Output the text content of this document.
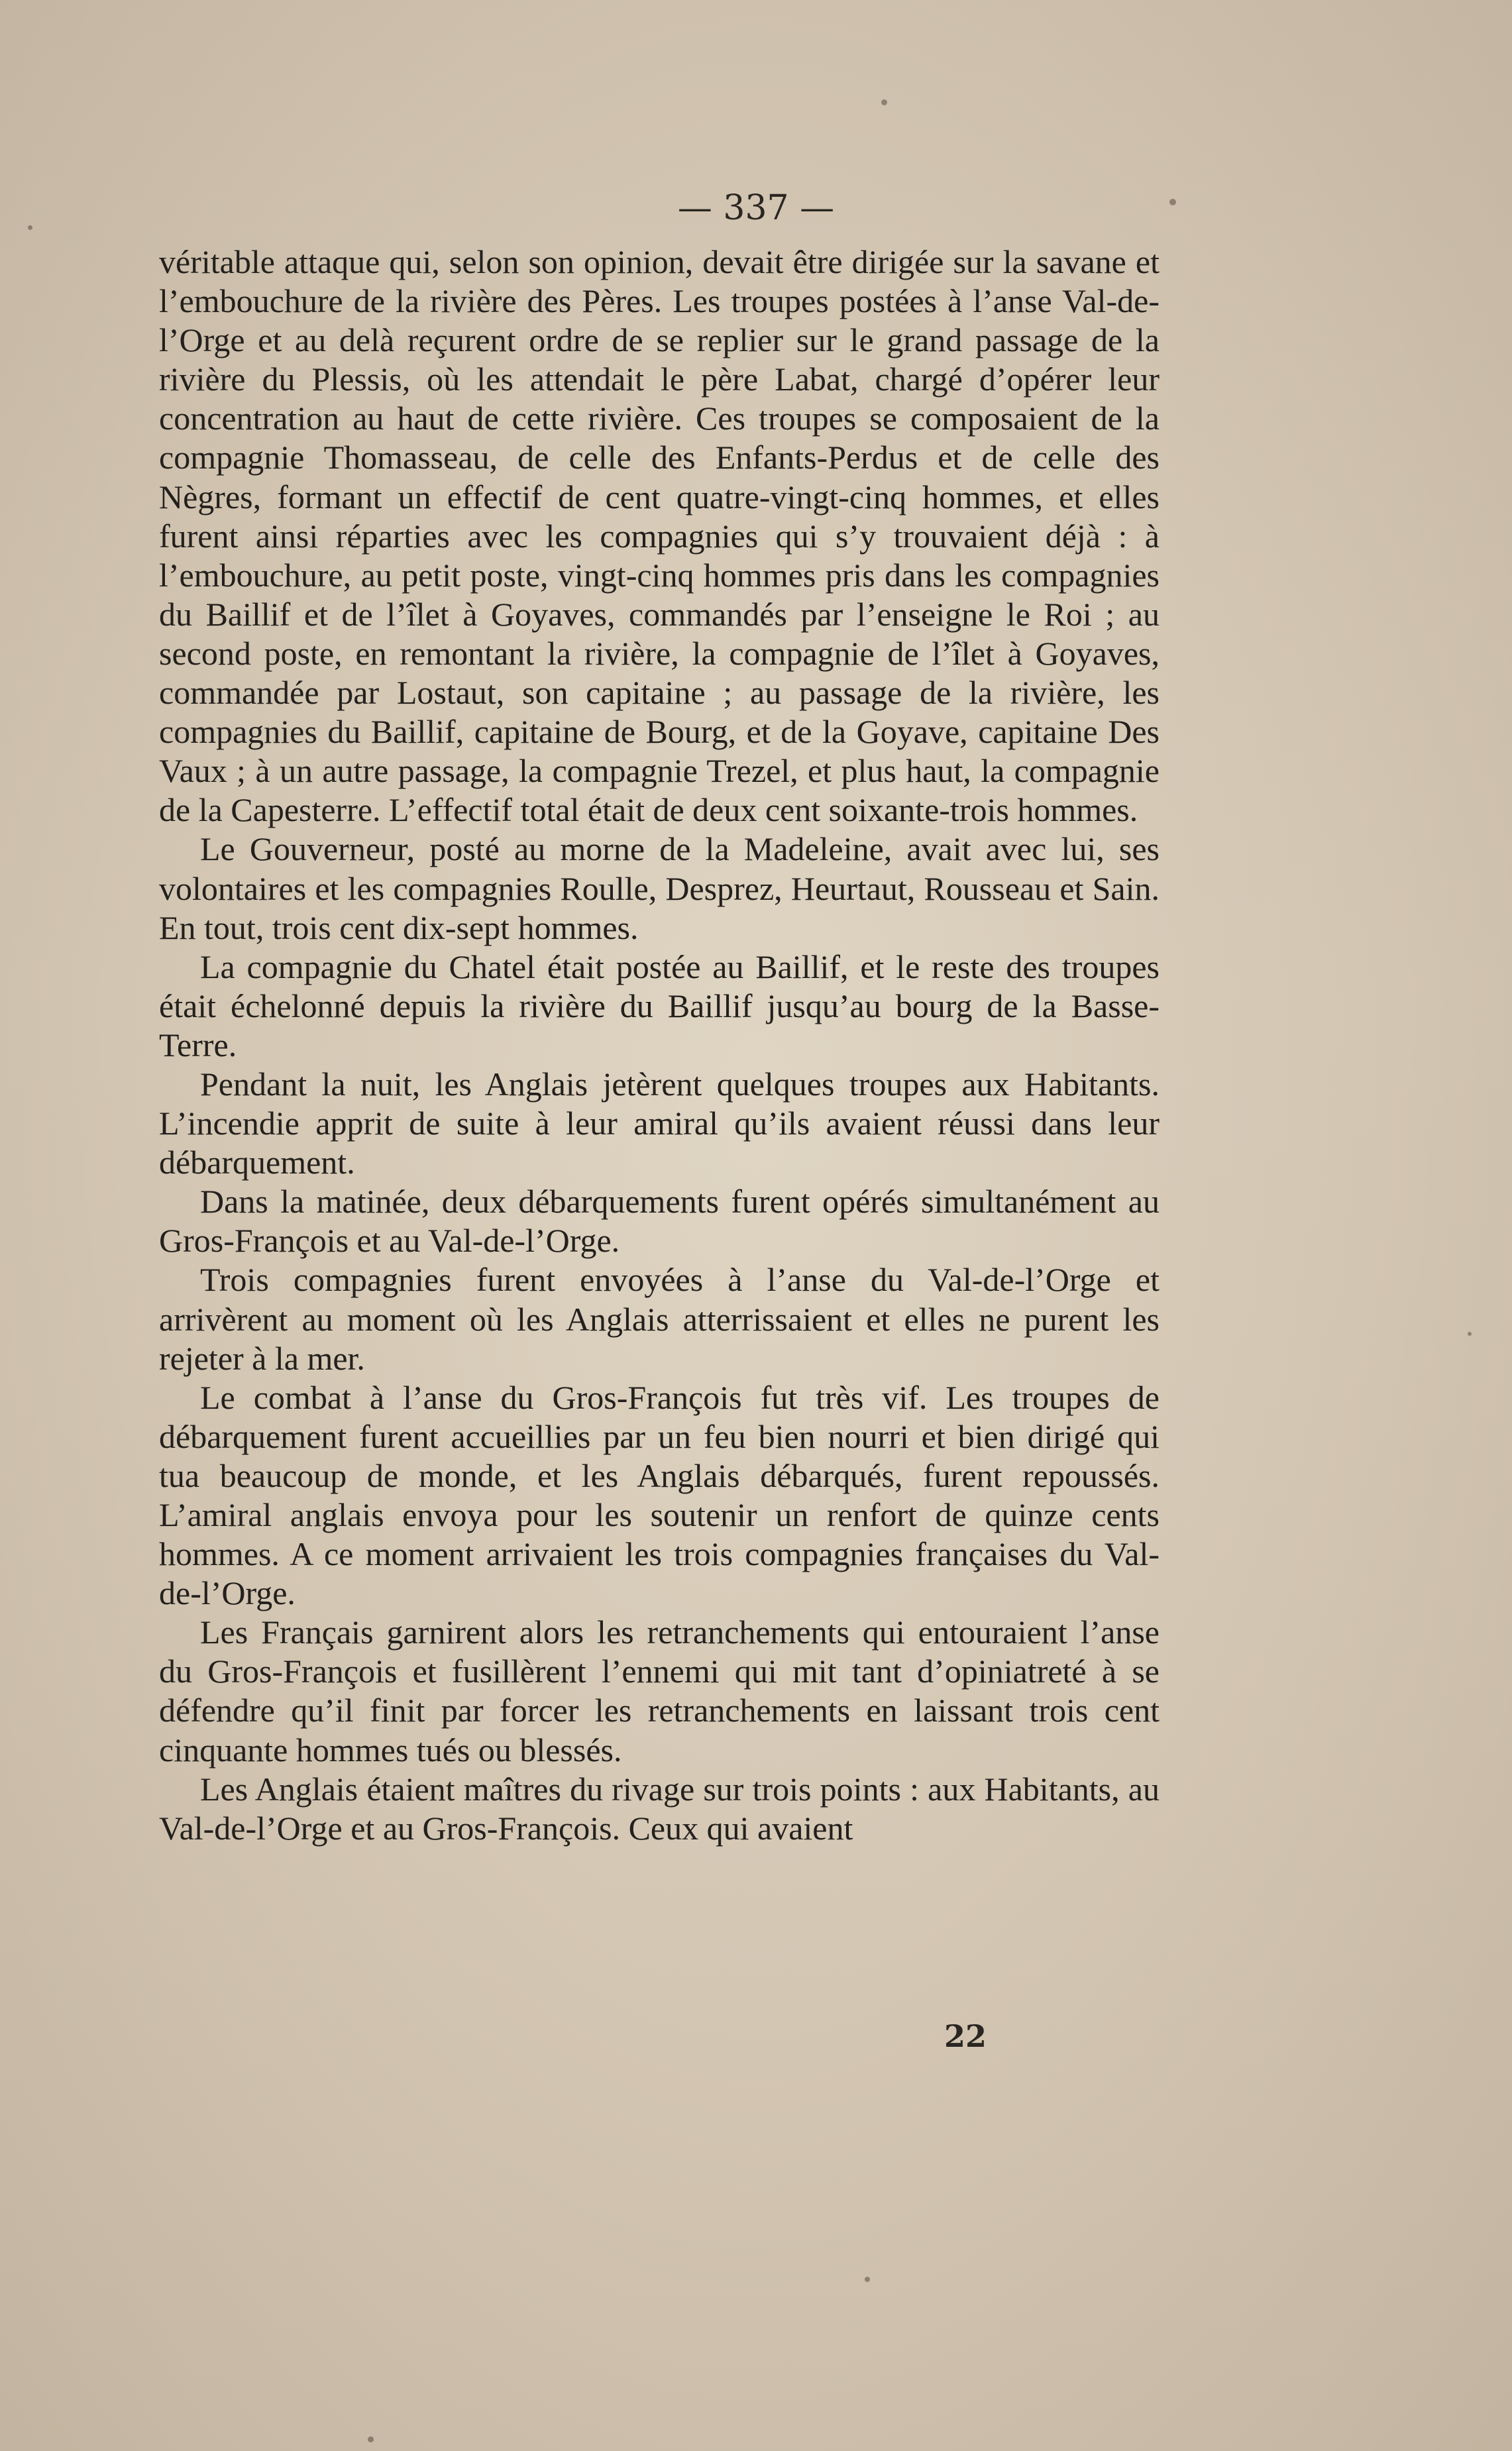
— 337 —

véritable attaque qui, selon son opinion, devait être dirigée sur la savane et l’embouchure de la rivière des Pères. Les troupes postées à l’anse Val-de-l’Orge et au delà reçurent ordre de se replier sur le grand passage de la rivière du Plessis, où les attendait le père Labat, chargé d’opérer leur concentration au haut de cette rivière. Ces troupes se composaient de la compagnie Thomasseau, de celle des Enfants-Perdus et de celle des Nègres, formant un effectif de cent quatre-vingt-cinq hommes, et elles furent ainsi réparties avec les compagnies qui s’y trouvaient déjà : à l’embouchure, au petit poste, vingt-cinq hommes pris dans les compagnies du Baillif et de l’îlet à Goyaves, commandés par l’enseigne le Roi ; au second poste, en remontant la rivière, la compagnie de l’îlet à Goyaves, commandée par Lostaut, son capitaine ; au passage de la rivière, les compagnies du Baillif, capitaine de Bourg, et de la Goyave, capitaine Des Vaux ; à un autre passage, la compagnie Trezel, et plus haut, la compagnie de la Capesterre. L’effectif total était de deux cent soixante-trois hommes.

Le Gouverneur, posté au morne de la Madeleine, avait avec lui, ses volontaires et les compagnies Roulle, Desprez, Heurtaut, Rousseau et Sain. En tout, trois cent dix-sept hommes.

La compagnie du Chatel était postée au Baillif, et le reste des troupes était échelonné depuis la rivière du Baillif jusqu’au bourg de la Basse-Terre.

Pendant la nuit, les Anglais jetèrent quelques troupes aux Habitants. L’incendie apprit de suite à leur amiral qu’ils avaient réussi dans leur débarquement.

Dans la matinée, deux débarquements furent opérés simultanément au Gros-François et au Val-de-l’Orge.

Trois compagnies furent envoyées à l’anse du Val-de-l’Orge et arrivèrent au moment où les Anglais atterrissaient et elles ne purent les rejeter à la mer.

Le combat à l’anse du Gros-François fut très vif. Les troupes de débarquement furent accueillies par un feu bien nourri et bien dirigé qui tua beaucoup de monde, et les Anglais débarqués, furent repoussés. L’amiral anglais envoya pour les soutenir un renfort de quinze cents hommes. A ce moment arrivaient les trois compagnies françaises du Val-de-l’Orge.

Les Français garnirent alors les retranchements qui entouraient l’anse du Gros-François et fusillèrent l’ennemi qui mit tant d’opiniatreté à se défendre qu’il finit par forcer les retranchements en laissant trois cent cinquante hommes tués ou blessés.

Les Anglais étaient maîtres du rivage sur trois points : aux Habitants, au Val-de-l’Orge et au Gros-François. Ceux qui avaient

22
